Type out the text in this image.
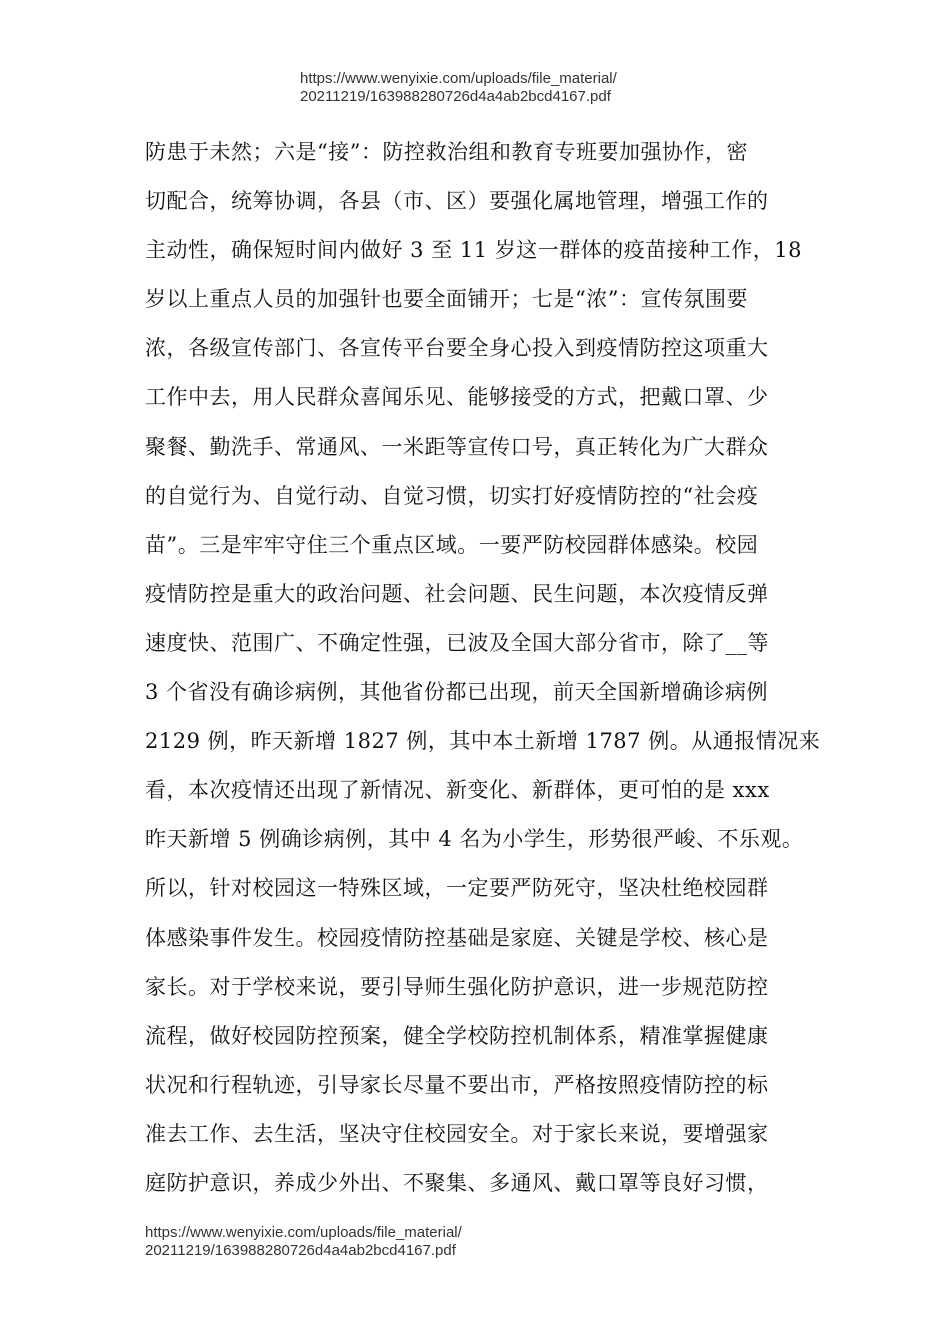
https://www.wenyixie.com/uploads/file_material/
20211219/163988280726d4a4ab2bcd4167.pdf
防患于未然；六是“接”：防控救治组和教育专班要加强协作，密
切配合，统筹协调，各县（市、区）要强化属地管理，增强工作的
主动性，确保短时间内做好 3 至 11 岁这一群体的疫苗接种工作，18
岁以上重点人员的加强针也要全面铺开；七是“浓”：宣传氛围要
浓，各级宣传部门、各宣传平台要全身心投入到疫情防控这项重大
工作中去，用人民群众喜闻乐见、能够接受的方式，把戴口罩、少
聚餐、勤洗手、常通风、一米距等宣传口号，真正转化为广大群众
的自觉行为、自觉行动、自觉习惯，切实打好疫情防控的“社会疫
苗”。三是牢牢守住三个重点区域。一要严防校园群体感染。校园
疫情防控是重大的政治问题、社会问题、民生问题，本次疫情反弹
速度快、范围广、不确定性强，已波及全国大部分省市，除了__等
3 个省没有确诊病例，其他省份都已出现，前天全国新增确诊病例
2129 例，昨天新增 1827 例，其中本土新增 1787 例。从通报情况来
看，本次疫情还出现了新情况、新变化、新群体，更可怕的是 xxx
昨天新增 5 例确诊病例，其中 4 名为小学生，形势很严峻、不乐观。
所以，针对校园这一特殊区域，一定要严防死守，坚决杜绝校园群
体感染事件发生。校园疫情防控基础是家庭、关键是学校、核心是
家长。对于学校来说，要引导师生强化防护意识，进一步规范防控
流程，做好校园防控预案，健全学校防控机制体系，精准掌握健康
状况和行程轨迹，引导家长尽量不要出市，严格按照疫情防控的标
准去工作、去生活，坚决守住校园安全。对于家长来说，要增强家
庭防护意识，养成少外出、不聚集、多通风、戴口罩等良好习惯，
https://www.wenyixie.com/uploads/file_material/
20211219/163988280726d4a4ab2bcd4167.pdf
